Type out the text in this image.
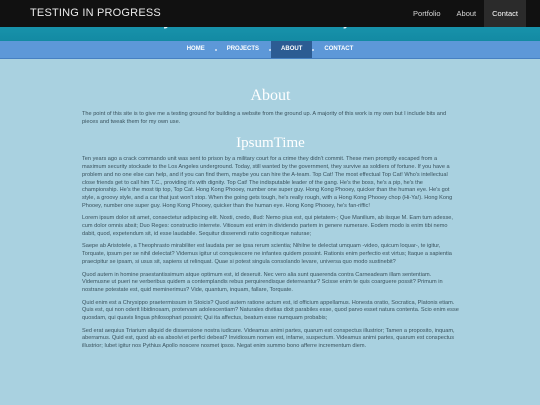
TESTING IN PROGRESS	Portfolio	About	Contact
HOME	PROJECTS	ABOUT	CONTACT
About

The point of this site is to give me a testing ground for building a website from the ground up. A majority of this work is my own but I include bits and pieces and tweak them for my own use.

IpsumTime

Ten years ago a crack commando unit was sent to prison by a military court for a crime they didn't commit. These men promptly escaped from a maximum security stockade to the Los Angeles underground. Today, still wanted by the government, they survive as soldiers of fortune. If you have a problem and no one else can help, and if you can find them, maybe you can hire the A-team. Top Cat! The most effectual Top Cat! Who's intellectual close friends get to call him T.C., providing it's with dignity. Top Cat! The indisputable leader of the gang. He's the boss, he's a pip, he's the championship. He's the most tip top, Top Cat. Hong Kong Phooey, number one super guy. Hong Kong Phooey, quicker than the human eye. He's got style, a groovy style, and a car that just won't stop. When the going gets tough, he's really rough, with a Hong Kong Phooey chop (Hi-Ya!). Hong Kong Phooey, number one super guy. Hong Kong Phooey, quicker than the human eye. Hong Kong Phooey, he's fan-riffic!

Lorem ipsum dolor sit amet, consectetur adipiscing elit. Nosti, credo, illud: Nemo pius est, qui pietatem-; Que Manilium, ab iisque M. Eam tum adesse, cum dolor omnis absit; Duo Reges: constructio interrete. Vitiosum est enim in dividendo partem in genere numerare. Eodem modo is enim tibi nemo dabit, quod, expetendum sit, id esse laudabile. Sequitur disserendi ratio cognitioque naturae;

Saepe ab Aristotele, a Theophrasto mirabiliter est laudata per se ipsa rerum scientia; Nihilne te delectat umquam -video, quicum loquar-, te igitur, Torquate, ipsum per se nihil delectat? Videmus igitur ut conquiescere ne infantes quidem possint. Rationis enim perfectio est virtus; Itaque a sapientia praecipitur se ipsam, si usus sit, sapiens ut relinquat. Quae si potest singula consolando levare, universa quo modo sustinebit?

Quod autem in homine praestantissimum atque optimum est, id deseruit. Nec vero alia sunt quaerenda contra Carneadeam illam sententiam. Videmusne ut pueri ne verberibus quidem a contemplandis rebus perquirendisque deterreantur? Scisse enim te quis coarguere possit? Primum in nostrane potestate est, quid meminerimus? Vide, quantum, inquam, fallare, Torquate.

Quid enim est a Chrysippo praetermissum in Stoicis? Quod autem ratione actum est, id officium appellamus. Honesta oratio, Socratica, Platonis etiam. Quis est, qui non oderit libidinosam, protervam adolescentiam? Naturales divitias dixit parabiles esse, quod parvo esset natura contenta. Scio enim esse quosdam, qui quavis lingua philosophari possint; Qui ita affectus, beatum esse numquam probabis;

Sed erat aequius Triarium aliquid de dissensione nostra iudicare. Videamus animi partes, quarum est conspectus illustrior; Tamen a proposito, inquam, aberramus. Quid est, quod ab ea absolvi et perfici debeat? Invidiosum nomen est, infame, suspectum. Videamus animi partes, quarum est conspectus illustrior; Iubet igitur nos Pythius Apollo noscere nosmet ipsos. Negat enim summo bono afferre incrementum diem.
